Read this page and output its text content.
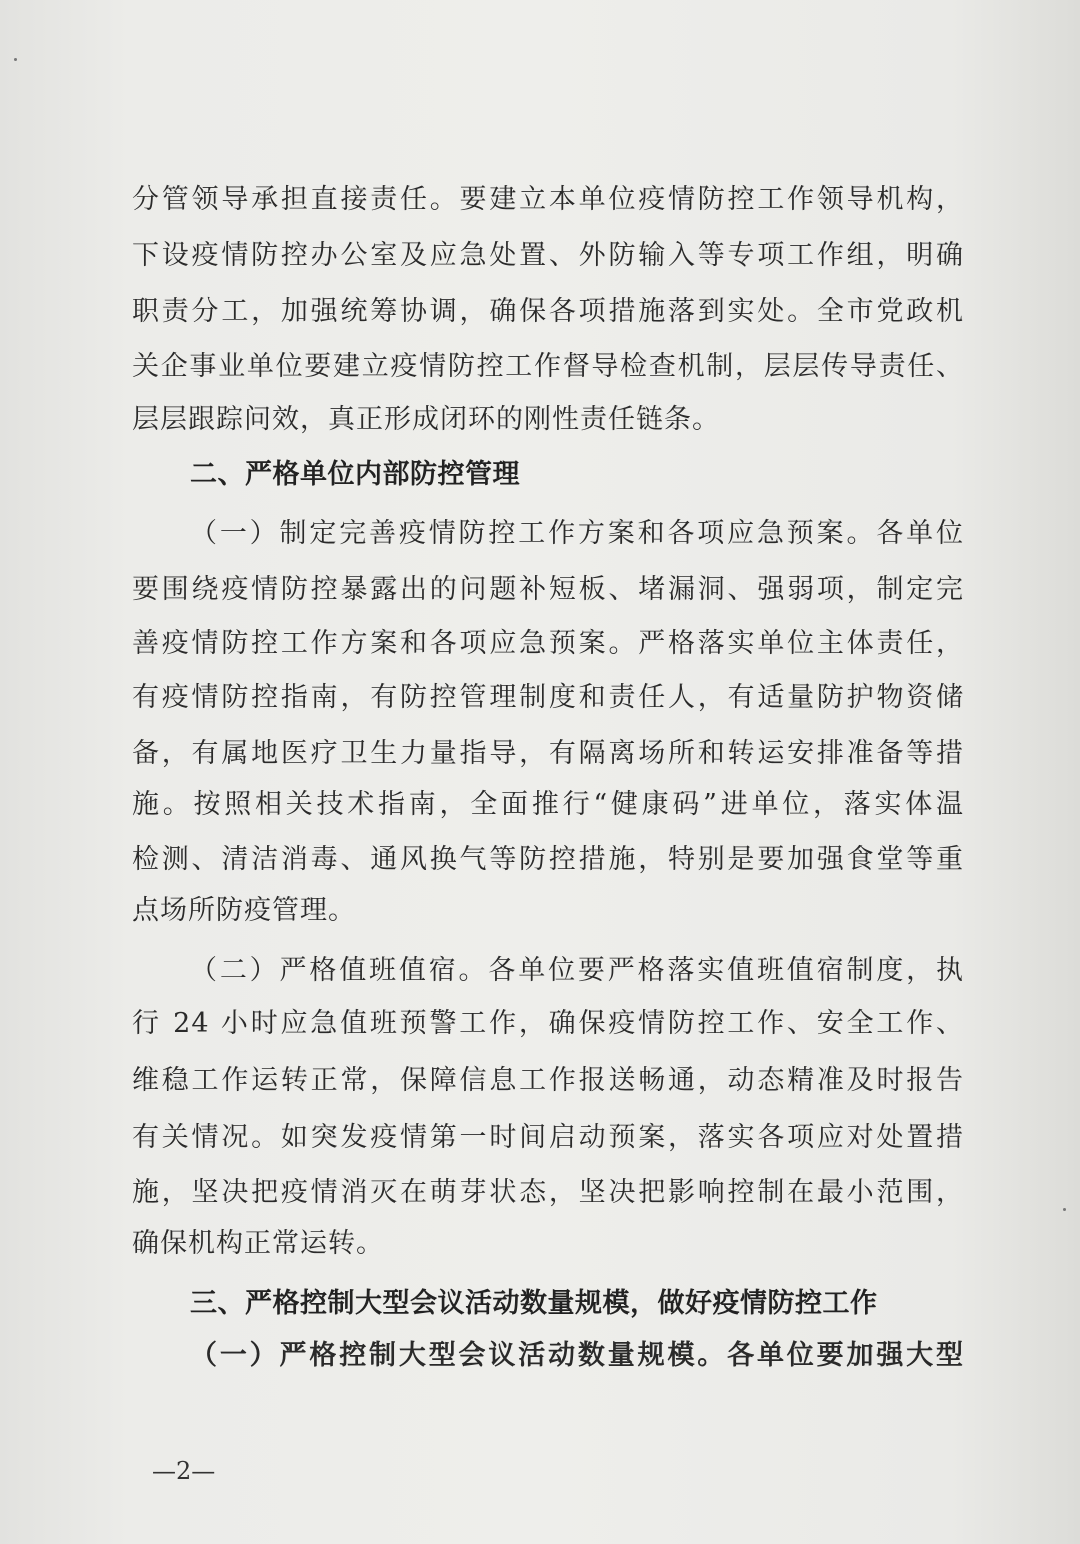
分管领导承担直接责任。要建立本单位疫情防控工作领导机构，
下设疫情防控办公室及应急处置、外防输入等专项工作组，明确
职责分工，加强统筹协调，确保各项措施落到实处。全市党政机
关企事业单位要建立疫情防控工作督导检查机制，层层传导责任、
层层跟踪问效，真正形成闭环的刚性责任链条。
二、严格单位内部防控管理
（一）制定完善疫情防控工作方案和各项应急预案。各单位
要围绕疫情防控暴露出的问题补短板、堵漏洞、强弱项，制定完
善疫情防控工作方案和各项应急预案。严格落实单位主体责任，
有疫情防控指南，有防控管理制度和责任人，有适量防护物资储
备，有属地医疗卫生力量指导，有隔离场所和转运安排准备等措
施。按照相关技术指南，全面推行“健康码”进单位，落实体温
检测、清洁消毒、通风换气等防控措施，特别是要加强食堂等重
点场所防疫管理。
（二）严格值班值宿。各单位要严格落实值班值宿制度，执
行 24 小时应急值班预警工作，确保疫情防控工作、安全工作、
维稳工作运转正常，保障信息工作报送畅通，动态精准及时报告
有关情况。如突发疫情第一时间启动预案，落实各项应对处置措
施，坚决把疫情消灭在萌芽状态，坚决把影响控制在最小范围，
确保机构正常运转。
三、严格控制大型会议活动数量规模，做好疫情防控工作
（一）严格控制大型会议活动数量规模。各单位要加强大型
—2—
